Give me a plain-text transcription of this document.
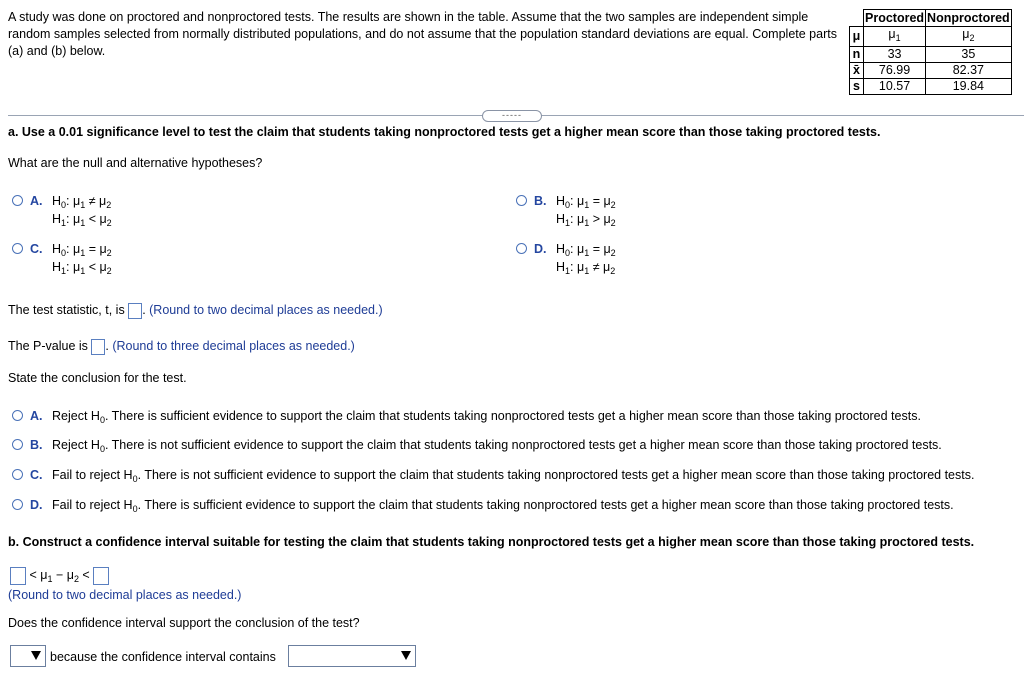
A study was done on proctored and nonproctored tests. The results are shown in the table. Assume that the two samples are independent simple random samples selected from normally distributed populations, and do not assume that the population standard deviations are equal. Complete parts (a) and (b) below.
	Proctored	Nonproctored
μ	$\mu_1$	$\mu_2$
n	33	35
x̄	76.99	82.37
s	10.57	19.84
-----
a. Use a 0.01 significance level to test the claim that students taking nonproctored tests get a higher mean score than those taking proctored tests.
What are the null and alternative hypotheses?
A. $H_0$: $\mu_1 \ne \mu_2$
$H_1$: $\mu_1 < \mu_2$
B. $H_0$: $\mu_1 = \mu_2$
$H_1$: $\mu_1 > \mu_2$
C. $H_0$: $\mu_1 = \mu_2$
$H_1$: $\mu_1 < \mu_2$
D. $H_0$: $\mu_1 = \mu_2$
$H_1$: $\mu_1 \ne \mu_2$
The test statistic, t, is . (Round to two decimal places as needed.)
The P-value is . (Round to three decimal places as needed.)
State the conclusion for the test.
A. Reject $H_0$. There is sufficient evidence to support the claim that students taking nonproctored tests get a higher mean score than those taking proctored tests.
B. Reject $H_0$. There is not sufficient evidence to support the claim that students taking nonproctored tests get a higher mean score than those taking proctored tests.
C. Fail to reject $H_0$. There is not sufficient evidence to support the claim that students taking nonproctored tests get a higher mean score than those taking proctored tests.
D. Fail to reject $H_0$. There is sufficient evidence to support the claim that students taking nonproctored tests get a higher mean score than those taking proctored tests.
b. Construct a confidence interval suitable for testing the claim that students taking nonproctored tests get a higher mean score than those taking proctored tests.
< $\mu_1 - \mu_2$ <
(Round to two decimal places as needed.)
Does the confidence interval support the conclusion of the test?
because the confidence interval contains
